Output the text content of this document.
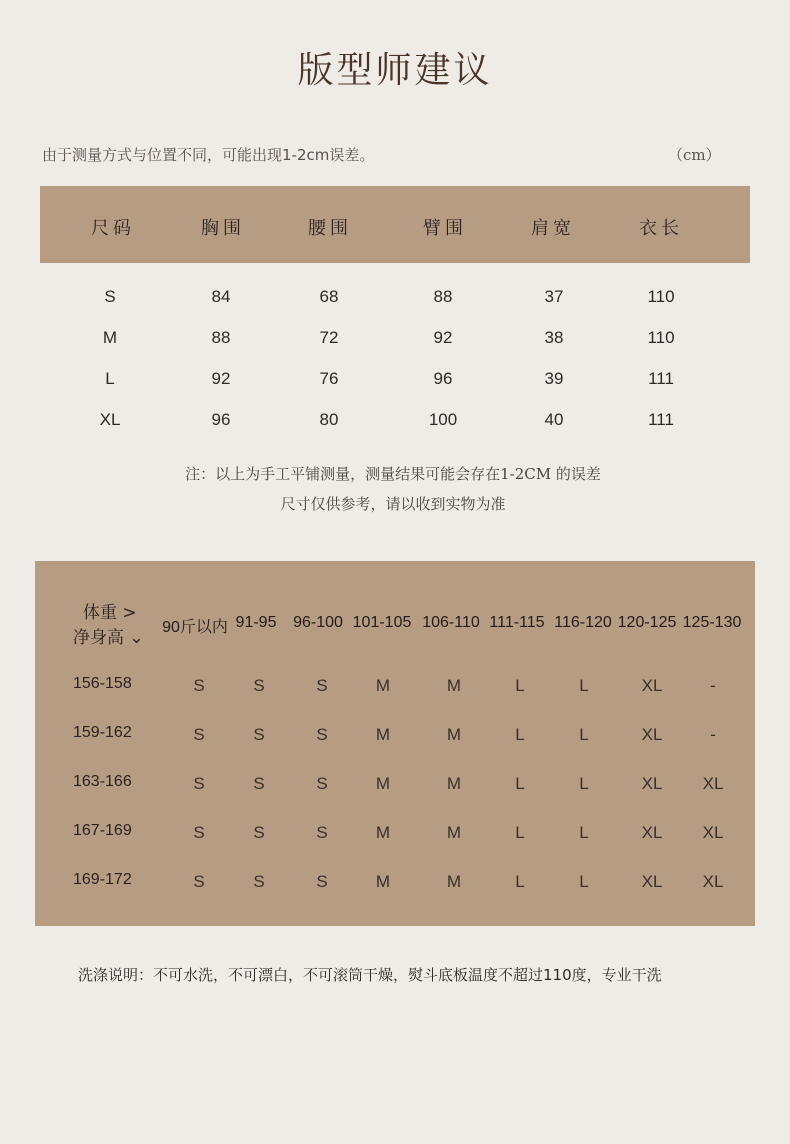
版型师建议
由于测量方式与位置不同，可能出现1-2cm误差。	（cm）
尺码	胸围	腰围	臂围	肩宽	衣长
S	84	68	88	37	110
M	88	72	92	38	110
L	92	76	96	39	111
XL	96	80	100	40	111
注：以上为手工平铺测量，测量结果可能会存在1-2CM 的误差
尺寸仅供参考，请以收到实物为准
体重 >
净身高 ⌄
90斤以内 91-95 96-100 101-105 106-110 111-115 116-120 120-125 125-130
156-158	S	S	S	M	M	L	L	XL	-
159-162	S	S	S	M	M	L	L	XL	-
163-166	S	S	S	M	M	L	L	XL XL
167-169	S	S	S	M	M	L	L	XL XL
169-172	S	S	S	M	M	L	L	XL XL
洗涤说明：不可水洗，不可漂白，不可滚筒干燥，熨斗底板温度不超过110度，专业干洗
